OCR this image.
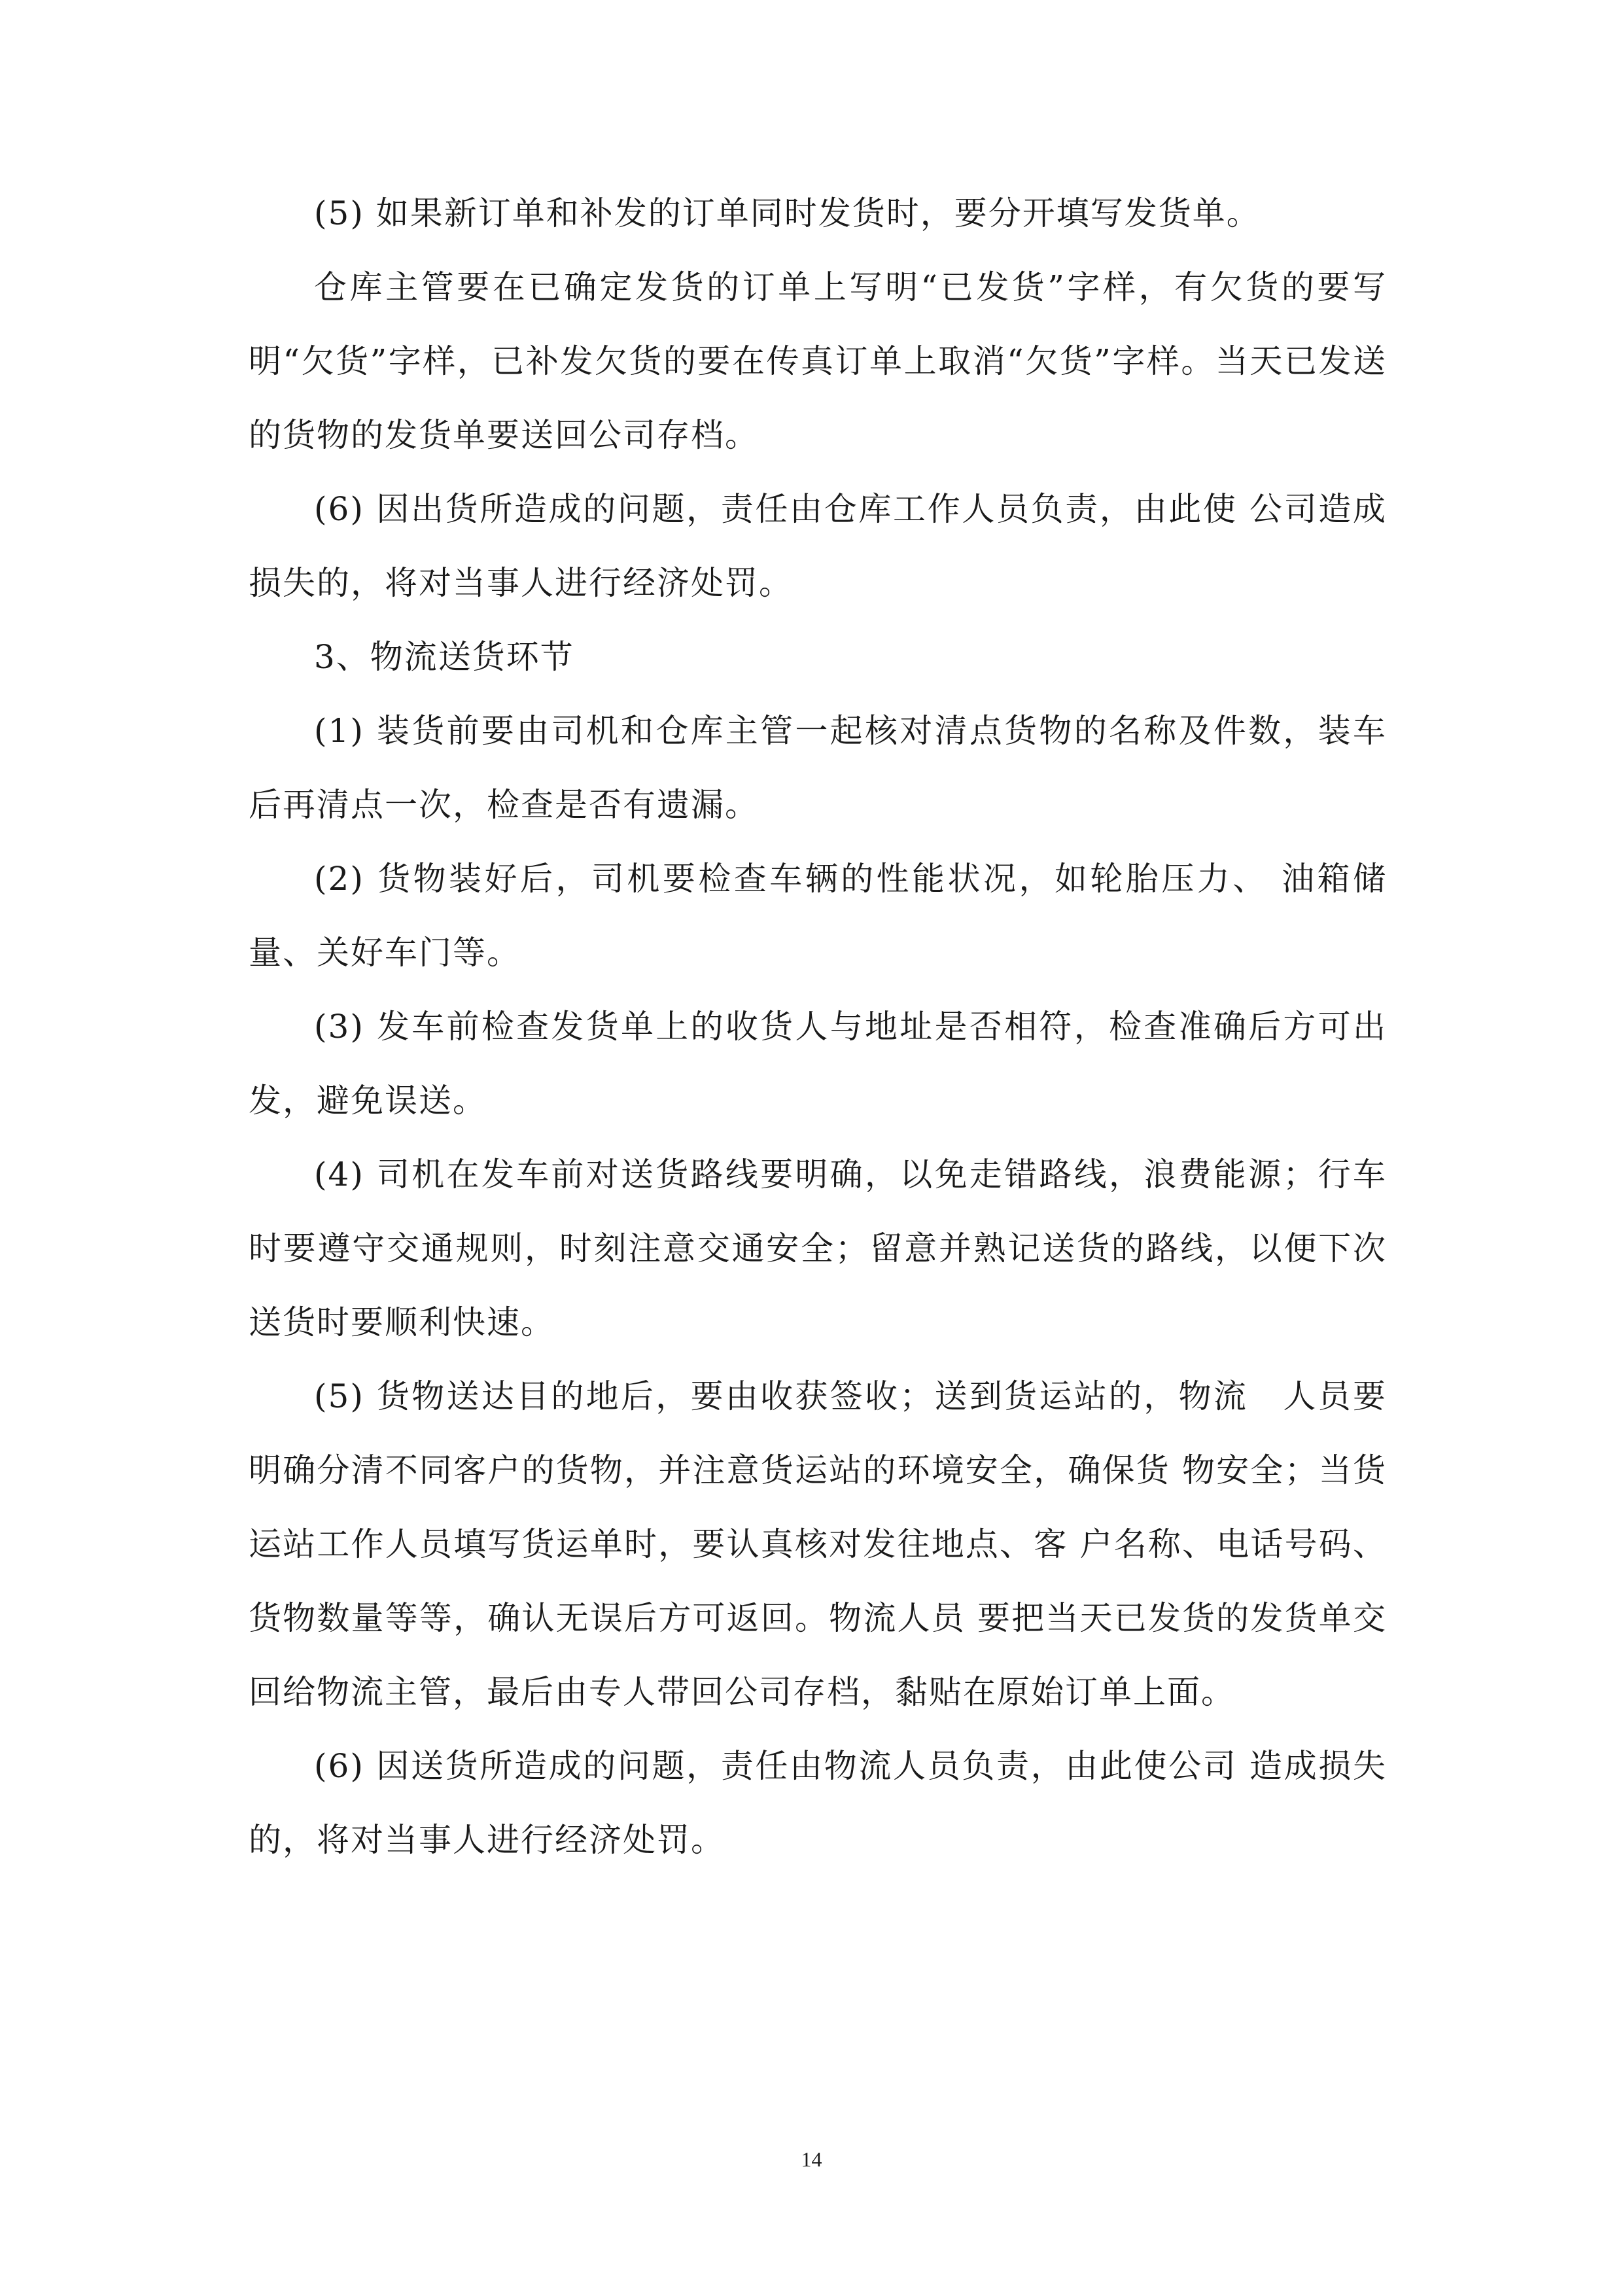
(5) 如果新订单和补发的订单同时发货时，要分开填写发货单。

仓库主管要在已确定发货的订单上写明“已发货”字样，有欠货的要写明“欠货”字样，已补发欠货的要在传真订单上取消“欠货”字样。当天已发送的货物的发货单要送回公司存档。

(6) 因出货所造成的问题，责任由仓库工作人员负责，由此使 公司造成损失的，将对当事人进行经济处罚。

3、物流送货环节

(1) 装货前要由司机和仓库主管一起核对清点货物的名称及件数，装车后再清点一次，检查是否有遗漏。

(2) 货物装好后，司机要检查车辆的性能状况，如轮胎压力、 油箱储量、关好车门等。

(3) 发车前检查发货单上的收货人与地址是否相符，检查准确后方可出发，避免误送。

(4) 司机在发车前对送货路线要明确，以免走错路线，浪费能源；行车时要遵守交通规则，时刻注意交通安全；留意并熟记送货的路线，以便下次送货时要顺利快速。

(5) 货物送达目的地后，要由收获签收；送到货运站的，物流　人员要明确分清不同客户的货物，并注意货运站的环境安全，确保货 物安全；当货运站工作人员填写货运单时，要认真核对发往地点、客 户名称、电话号码、货物数量等等，确认无误后方可返回。物流人员 要把当天已发货的发货单交回给物流主管，最后由专人带回公司存档，黏贴在原始订单上面。

(6) 因送货所造成的问题，责任由物流人员负责，由此使公司 造成损失的，将对当事人进行经济处罚。

14
